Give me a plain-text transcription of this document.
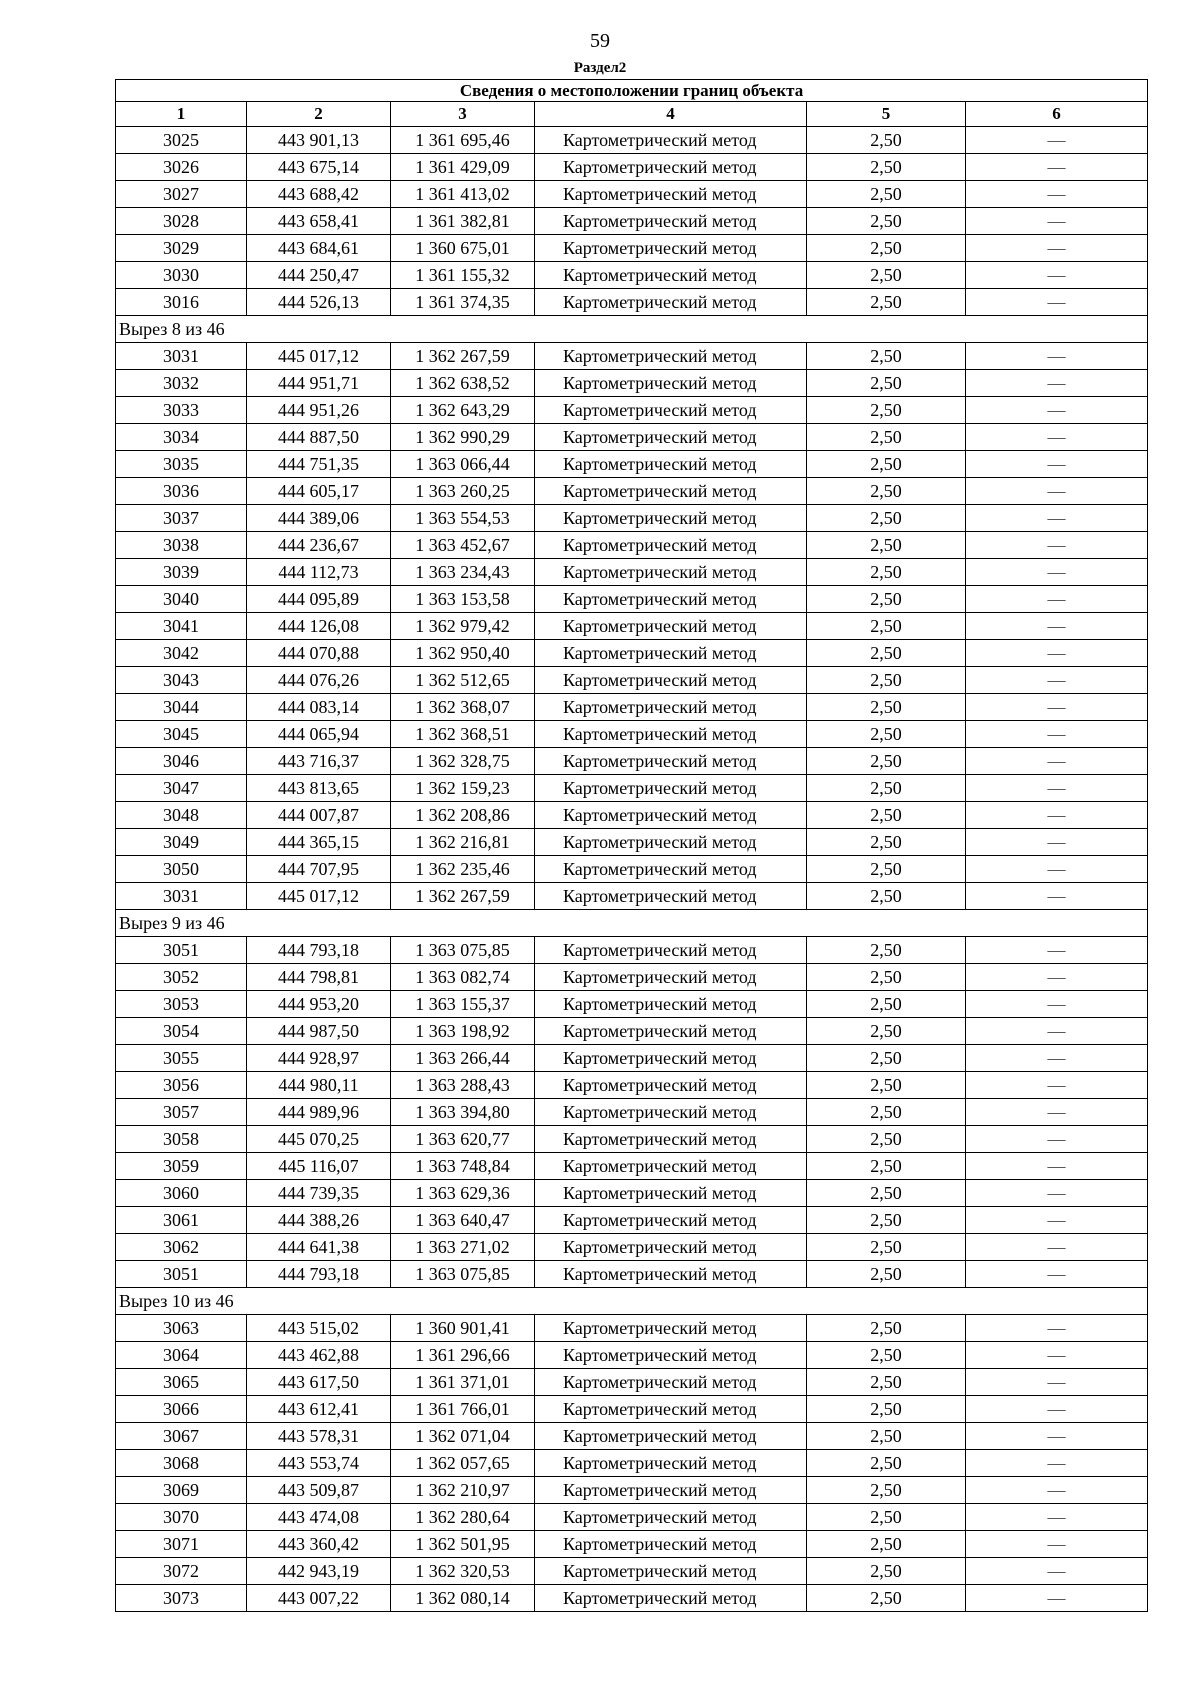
59
Раздел2
Сведения о местоположении границ объекта					
1	2	3	4	5	6
3025	443 901,13	1 361 695,46	Картометрический метод	2,50	—
3026	443 675,14	1 361 429,09	Картометрический метод	2,50	—
3027	443 688,42	1 361 413,02	Картометрический метод	2,50	—
3028	443 658,41	1 361 382,81	Картометрический метод	2,50	—
3029	443 684,61	1 360 675,01	Картометрический метод	2,50	—
3030	444 250,47	1 361 155,32	Картометрический метод	2,50	—
3016	444 526,13	1 361 374,35	Картометрический метод	2,50	—
Вырез 8 из 46					
3031	445 017,12	1 362 267,59	Картометрический метод	2,50	—
3032	444 951,71	1 362 638,52	Картометрический метод	2,50	—
3033	444 951,26	1 362 643,29	Картометрический метод	2,50	—
3034	444 887,50	1 362 990,29	Картометрический метод	2,50	—
3035	444 751,35	1 363 066,44	Картометрический метод	2,50	—
3036	444 605,17	1 363 260,25	Картометрический метод	2,50	—
3037	444 389,06	1 363 554,53	Картометрический метод	2,50	—
3038	444 236,67	1 363 452,67	Картометрический метод	2,50	—
3039	444 112,73	1 363 234,43	Картометрический метод	2,50	—
3040	444 095,89	1 363 153,58	Картометрический метод	2,50	—
3041	444 126,08	1 362 979,42	Картометрический метод	2,50	—
3042	444 070,88	1 362 950,40	Картометрический метод	2,50	—
3043	444 076,26	1 362 512,65	Картометрический метод	2,50	—
3044	444 083,14	1 362 368,07	Картометрический метод	2,50	—
3045	444 065,94	1 362 368,51	Картометрический метод	2,50	—
3046	443 716,37	1 362 328,75	Картометрический метод	2,50	—
3047	443 813,65	1 362 159,23	Картометрический метод	2,50	—
3048	444 007,87	1 362 208,86	Картометрический метод	2,50	—
3049	444 365,15	1 362 216,81	Картометрический метод	2,50	—
3050	444 707,95	1 362 235,46	Картометрический метод	2,50	—
3031	445 017,12	1 362 267,59	Картометрический метод	2,50	—
Вырез 9 из 46					
3051	444 793,18	1 363 075,85	Картометрический метод	2,50	—
3052	444 798,81	1 363 082,74	Картометрический метод	2,50	—
3053	444 953,20	1 363 155,37	Картометрический метод	2,50	—
3054	444 987,50	1 363 198,92	Картометрический метод	2,50	—
3055	444 928,97	1 363 266,44	Картометрический метод	2,50	—
3056	444 980,11	1 363 288,43	Картометрический метод	2,50	—
3057	444 989,96	1 363 394,80	Картометрический метод	2,50	—
3058	445 070,25	1 363 620,77	Картометрический метод	2,50	—
3059	445 116,07	1 363 748,84	Картометрический метод	2,50	—
3060	444 739,35	1 363 629,36	Картометрический метод	2,50	—
3061	444 388,26	1 363 640,47	Картометрический метод	2,50	—
3062	444 641,38	1 363 271,02	Картометрический метод	2,50	—
3051	444 793,18	1 363 075,85	Картометрический метод	2,50	—
Вырез 10 из 46					
3063	443 515,02	1 360 901,41	Картометрический метод	2,50	—
3064	443 462,88	1 361 296,66	Картометрический метод	2,50	—
3065	443 617,50	1 361 371,01	Картометрический метод	2,50	—
3066	443 612,41	1 361 766,01	Картометрический метод	2,50	—
3067	443 578,31	1 362 071,04	Картометрический метод	2,50	—
3068	443 553,74	1 362 057,65	Картометрический метод	2,50	—
3069	443 509,87	1 362 210,97	Картометрический метод	2,50	—
3070	443 474,08	1 362 280,64	Картометрический метод	2,50	—
3071	443 360,42	1 362 501,95	Картометрический метод	2,50	—
3072	442 943,19	1 362 320,53	Картометрический метод	2,50	—
3073	443 007,22	1 362 080,14	Картометрический метод	2,50	—
